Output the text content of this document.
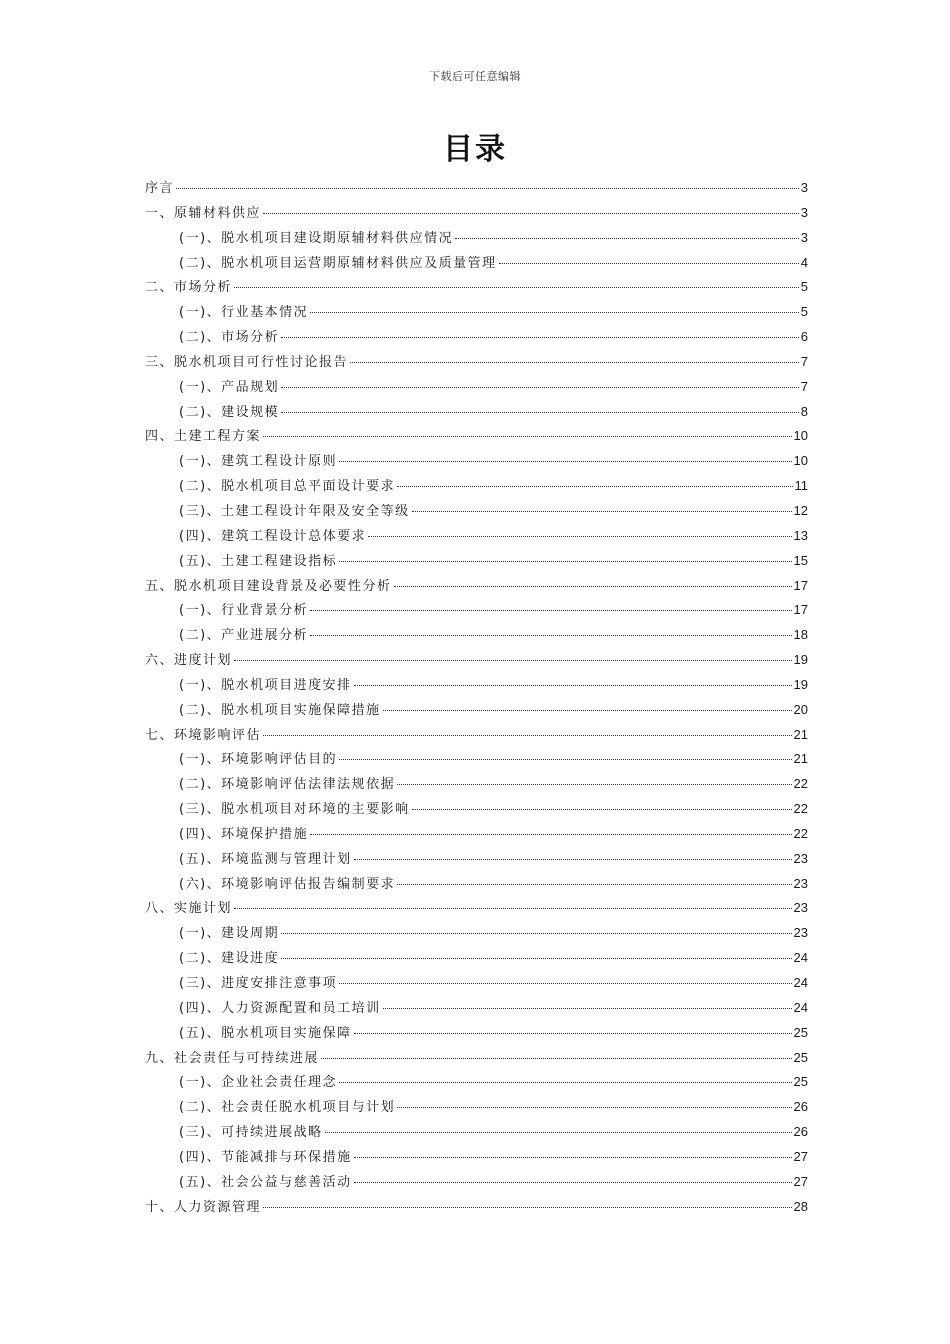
下载后可任意编辑
目录
序言	3
一、原辅材料供应	3
(一)、脱水机项目建设期原辅材料供应情况	3
(二)、脱水机项目运营期原辅材料供应及质量管理	4
二、市场分析	5
(一)、行业基本情况	5
(二)、市场分析	6
三、脱水机项目可行性讨论报告	7
(一)、产品规划	7
(二)、建设规模	8
四、土建工程方案	10
(一)、建筑工程设计原则	10
(二)、脱水机项目总平面设计要求	11
(三)、土建工程设计年限及安全等级	12
(四)、建筑工程设计总体要求	13
(五)、土建工程建设指标	15
五、脱水机项目建设背景及必要性分析	17
(一)、行业背景分析	17
(二)、产业进展分析	18
六、进度计划	19
(一)、脱水机项目进度安排	19
(二)、脱水机项目实施保障措施	20
七、环境影响评估	21
(一)、环境影响评估目的	21
(二)、环境影响评估法律法规依据	22
(三)、脱水机项目对环境的主要影响	22
(四)、环境保护措施	22
(五)、环境监测与管理计划	23
(六)、环境影响评估报告编制要求	23
八、实施计划	23
(一)、建设周期	23
(二)、建设进度	24
(三)、进度安排注意事项	24
(四)、人力资源配置和员工培训	24
(五)、脱水机项目实施保障	25
九、社会责任与可持续进展	25
(一)、企业社会责任理念	25
(二)、社会责任脱水机项目与计划	26
(三)、可持续进展战略	26
(四)、节能减排与环保措施	27
(五)、社会公益与慈善活动	27
十、人力资源管理	28
